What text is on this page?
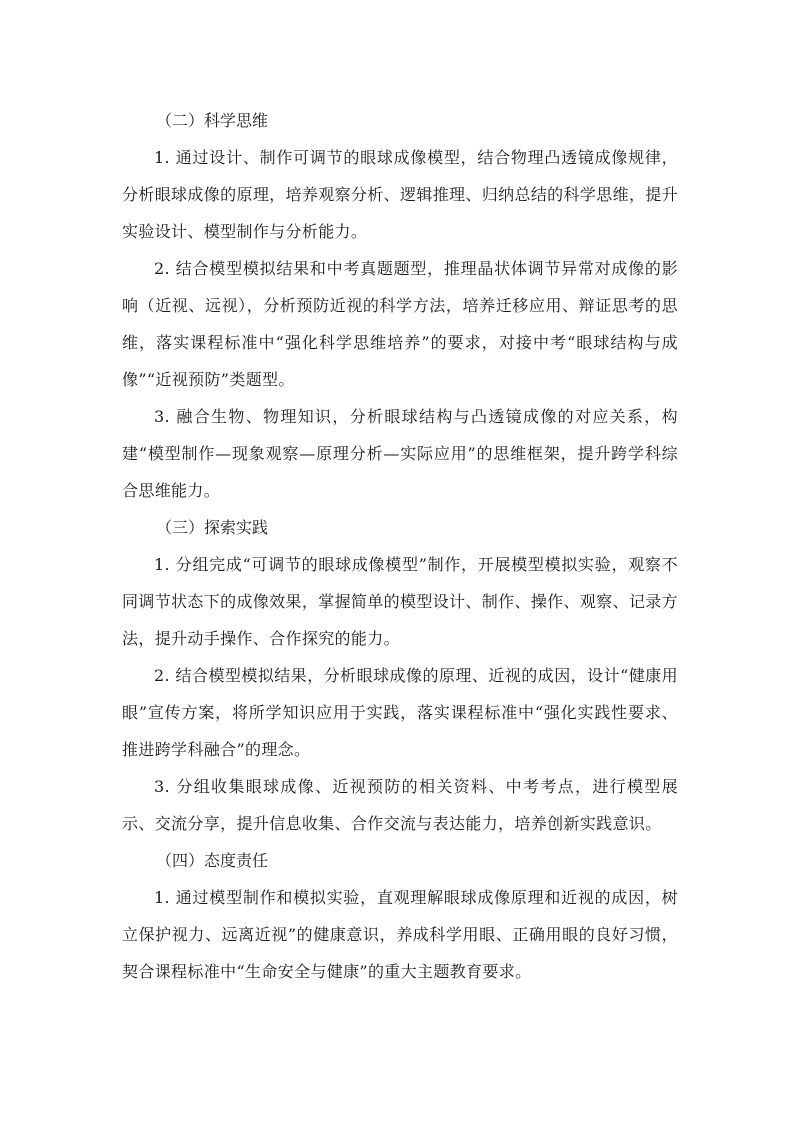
（二）科学思维

1. 通过设计、制作可调节的眼球成像模型，结合物理凸透镜成像规律，分析眼球成像的原理，培养观察分析、逻辑推理、归纳总结的科学思维，提升实验设计、模型制作与分析能力。

2. 结合模型模拟结果和中考真题题型，推理晶状体调节异常对成像的影响（近视、远视），分析预防近视的科学方法，培养迁移应用、辩证思考的思维，落实课程标准中“强化科学思维培养”的要求，对接中考“眼球结构与成像”“近视预防”类题型。

3. 融合生物、物理知识，分析眼球结构与凸透镜成像的对应关系，构建“模型制作—现象观察—原理分析—实际应用”的思维框架，提升跨学科综合思维能力。

（三）探索实践

1. 分组完成“可调节的眼球成像模型”制作，开展模型模拟实验，观察不同调节状态下的成像效果，掌握简单的模型设计、制作、操作、观察、记录方法，提升动手操作、合作探究的能力。

2. 结合模型模拟结果，分析眼球成像的原理、近视的成因，设计“健康用眼”宣传方案，将所学知识应用于实践，落实课程标准中“强化实践性要求、推进跨学科融合”的理念。

3. 分组收集眼球成像、近视预防的相关资料、中考考点，进行模型展示、交流分享，提升信息收集、合作交流与表达能力，培养创新实践意识。

（四）态度责任

1. 通过模型制作和模拟实验，直观理解眼球成像原理和近视的成因，树立保护视力、远离近视”的健康意识，养成科学用眼、正确用眼的良好习惯，契合课程标准中“生命安全与健康”的重大主题教育要求。
